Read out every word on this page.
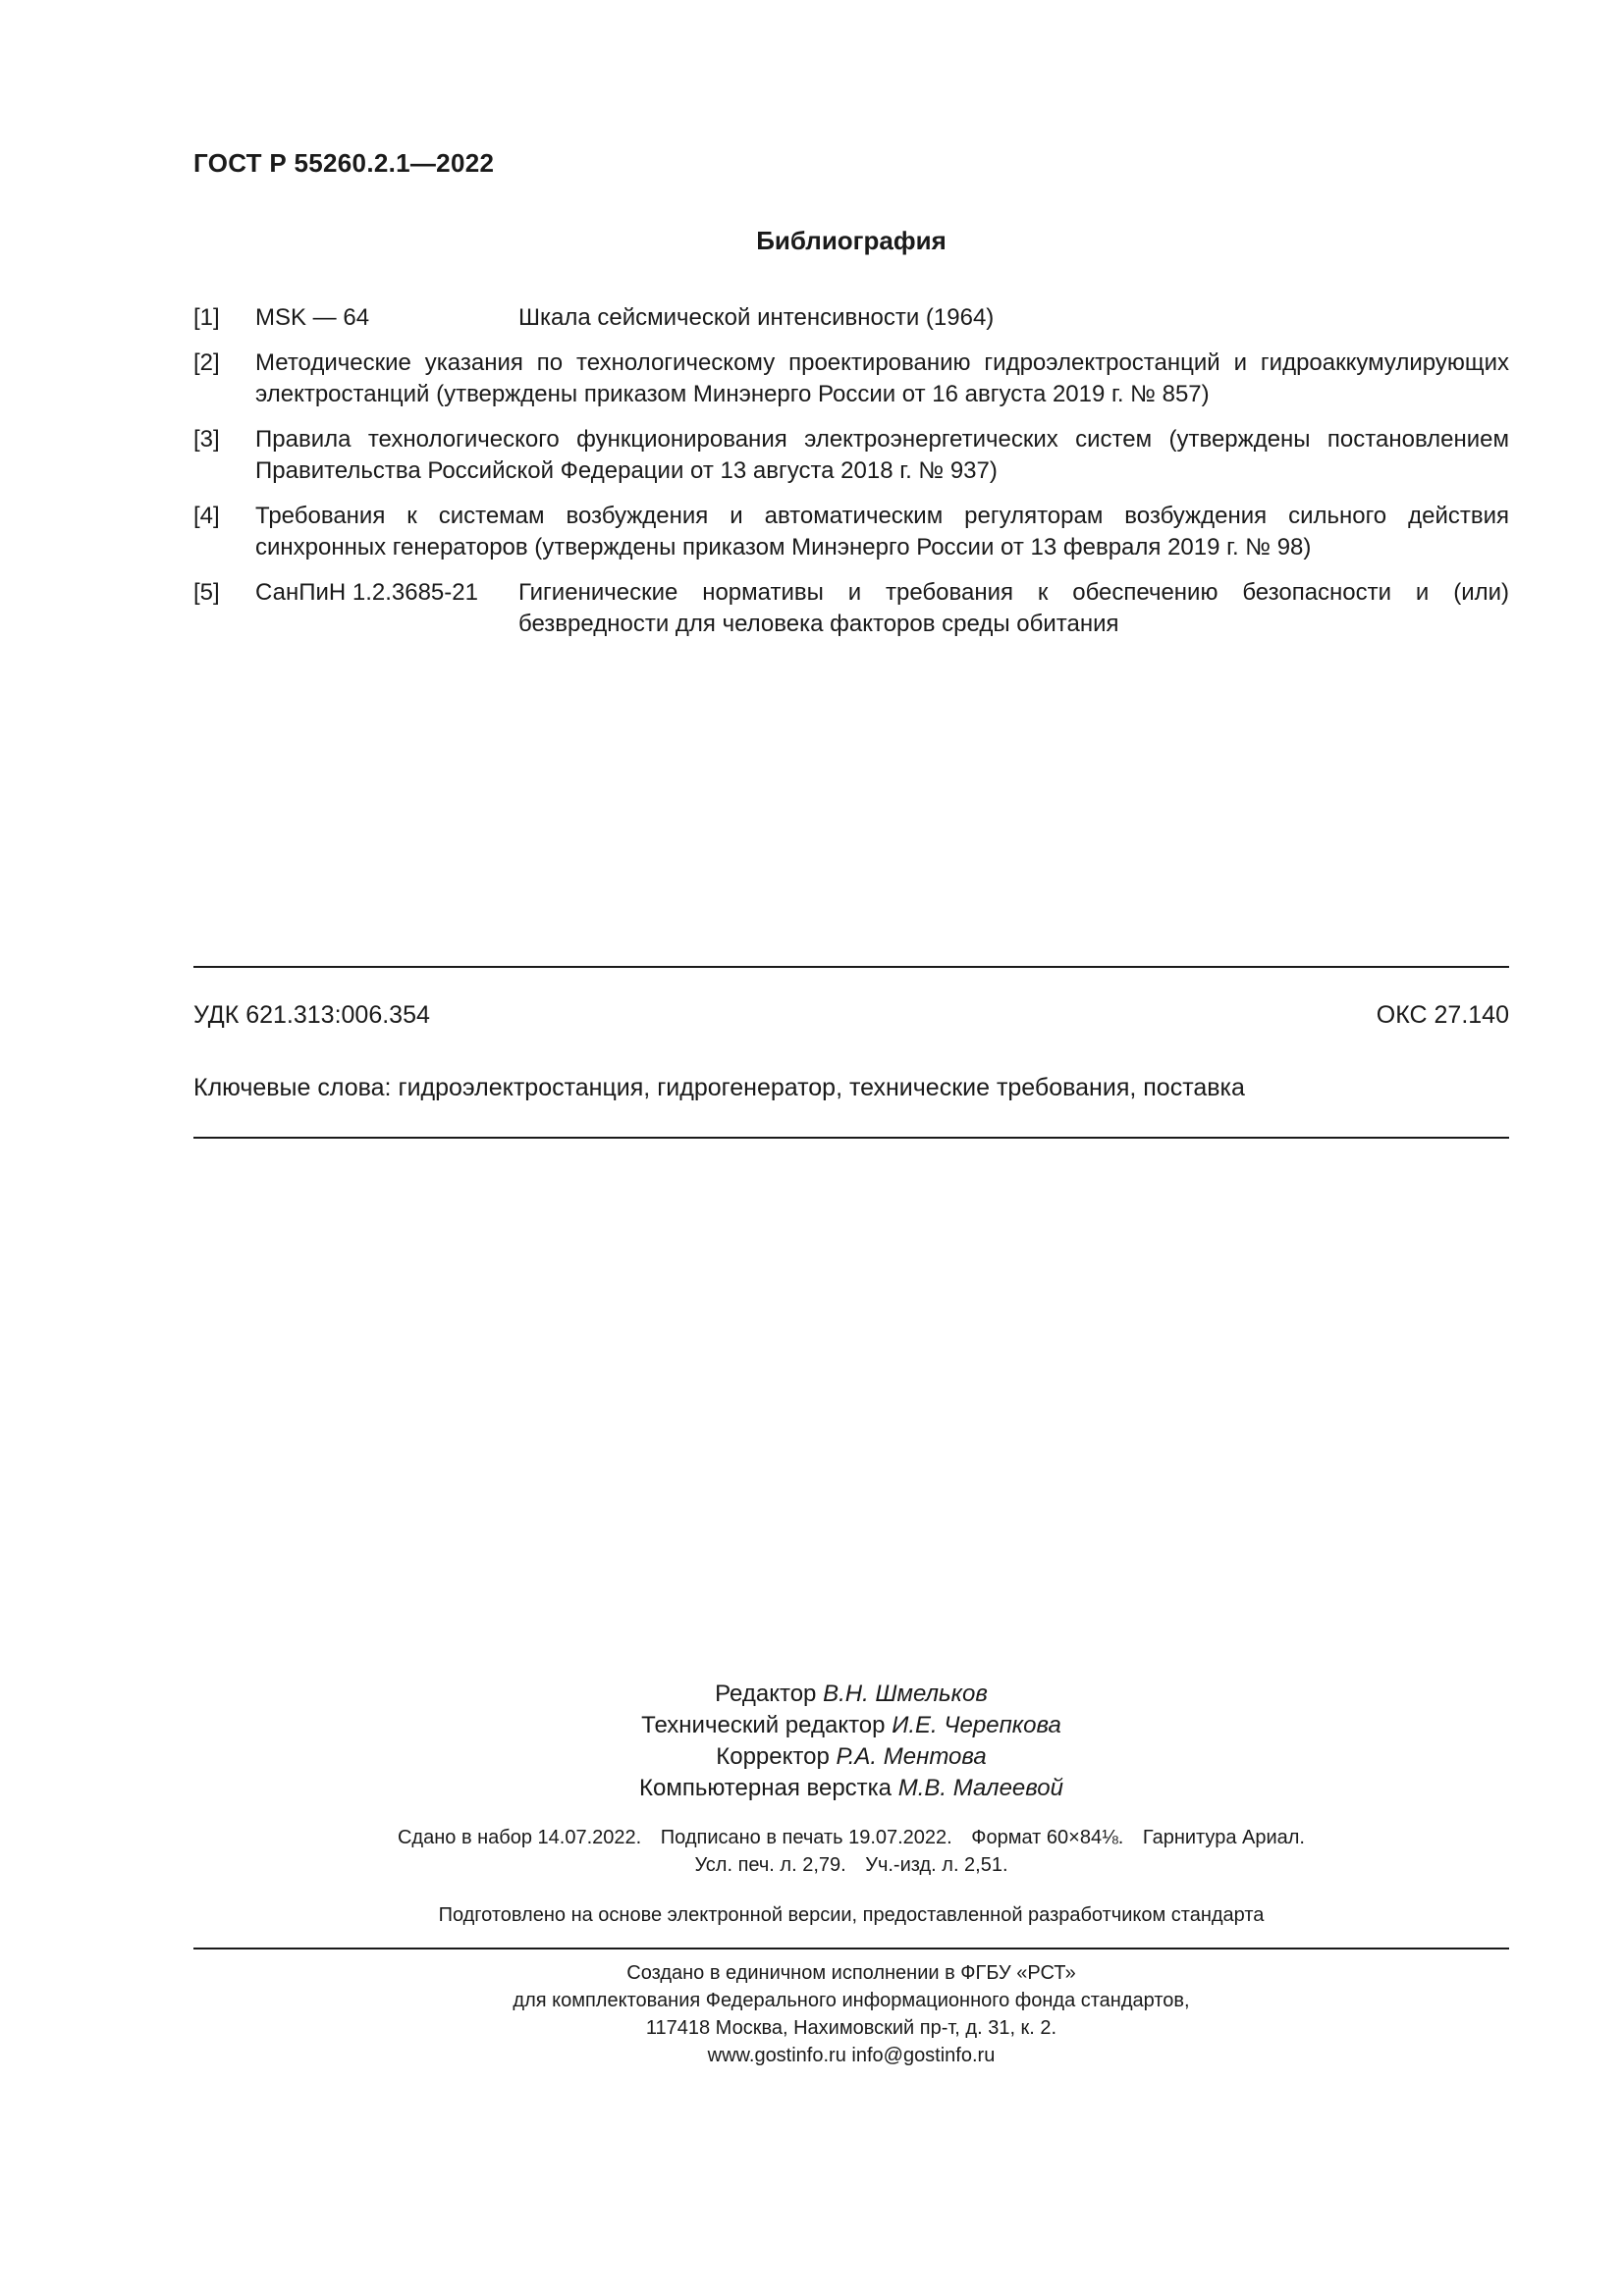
ГОСТ Р 55260.2.1—2022
Библиография
[1] MSK — 64	Шкала сейсмической интенсивности (1964)
[2] Методические указания по технологическому проектированию гидроэлектростанций и гидроаккумулирующих электростанций (утверждены приказом Минэнерго России от 16 августа 2019 г. № 857)
[3] Правила технологического функционирования электроэнергетических систем (утверждены постановлением Правительства Российской Федерации от 13 августа 2018 г. № 937)
[4] Требования к системам возбуждения и автоматическим регуляторам возбуждения сильного действия синхронных генераторов (утверждены приказом Минэнерго России от 13 февраля 2019 г. № 98)
[5] СанПиН 1.2.3685-21 Гигиенические нормативы и требования к обеспечению безопасности и (или) безвредности для человека факторов среды обитания
УДК 621.313:006.354	ОКС 27.140
Ключевые слова: гидроэлектростанция, гидрогенератор, технические требования, поставка
Редактор В.Н. Шмельков
Технический редактор И.Е. Черепкова
Корректор Р.А. Ментова
Компьютерная верстка М.В. Малеевой
Сдано в набор 14.07.2022. Подписано в печать 19.07.2022. Формат 60×84⅛. Гарнитура Ариал.
Усл. печ. л. 2,79. Уч.-изд. л. 2,51.
Подготовлено на основе электронной версии, предоставленной разработчиком стандарта
Создано в единичном исполнении в ФГБУ «РСТ»
для комплектования Федерального информационного фонда стандартов,
117418 Москва, Нахимовский пр-т, д. 31, к. 2.
www.gostinfo.ru info@gostinfo.ru
